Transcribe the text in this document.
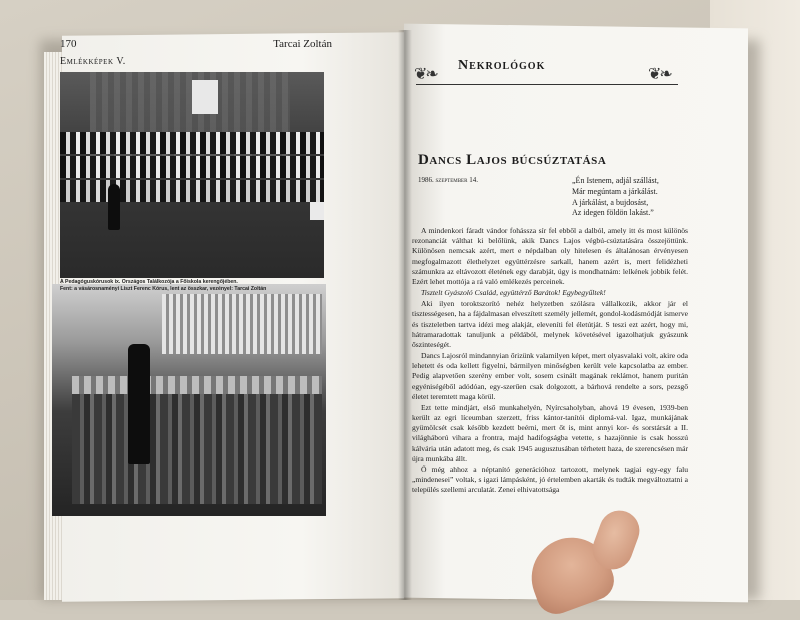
170	Tarcai Zoltán
Emlékképek V.
A Pedagóguskórusok ix. Országos Találkozója a Főiskola kerengőjében.
Fent: a vásárosnaményi Liszt Ferenc Kórus, lent az összkar, vezényel: Tarcai Zoltán
❦❧
Nekrológok
❦❧
Dancs Lajos búcsúztatása
1986. szeptember 14.	„Én Istenem, adjál szállást,
Már megúntam a járkálást.
A járkálást, a bujdosást,
Az idegen földön lakást.”

A mindenkori fáradt vándor fohássza sír fel ebből a dalból, amely itt és most különös rezonanciát válthat ki belőlünk, akik Dancs Lajos végbú-csúztatására összejöttünk. Különösen nemcsak azért, mert e népdalban oly hitelesen és általánosan érvényesen megfogalmazott élethelyzet együttérzésre sarkall, hanem azért is, mert felidézheti számunkra az eltávozott életének egy darabját, úgy is mondhatnám: lelkének jobbik felét. Ezért lehet mottója a rá való emlékezés perceinek.

Tisztelt Gyászoló Család, együttérző Barátok! Egybegyűltek!

Aki ilyen toroktszorító nehéz helyzetben szólásra vállalkozik, akkor jár el tisztességesen, ha a fájdalmasan elveszített személy jellemét, gondol-kodásmódját ismerve és tiszteletben tartva idézi meg alakját, eleveníti fel életútját. S teszi ezt azért, hogy mi, hátramaradottak tanuljunk a példából, melynek követésével igazolhatjuk gyászunk őszinteségét.

Dancs Lajosról mindannyian őrizünk valamilyen képet, mert olyasvalaki volt, akire oda lehetett és oda kellett figyelni, bármilyen minőségben került vele kapcsolatba az ember. Pedig alapvetően szerény ember volt, sosem csinált magának reklámot, hanem puritán egyéniségéből adódóan, egy-szerűen csak dolgozott, a bárhová rendelte a sors, pezsgő életet teremtett maga körül.

Ezt tette mindjárt, első munkahelyén, Nyírcsaholyban, ahová 19 évesen, 1939-ben került az egri líceumban szerzett, friss kántor-tanítói diplomá-val. Igaz, munkájának gyümölcsét csak később kezdett beérni, mert őt is, mint annyi kor- és sorstársát a II. világháború vihara a frontra, majd hadifogságba vetette, s hazajönnie is csak hosszú kálvária után adatott meg, és csak 1945 augusztusában térhetett haza, de szerencsésen már újra munkába állt.

Ő még ahhoz a néptanító generációhoz tartozott, melynek tagjai egy-egy falu „mindenesei” voltak, s igazi lámpásként, jó értelemben akarták és tudták megváltoztatni a település szellemi arculatát. Zenei elhivatottsága
